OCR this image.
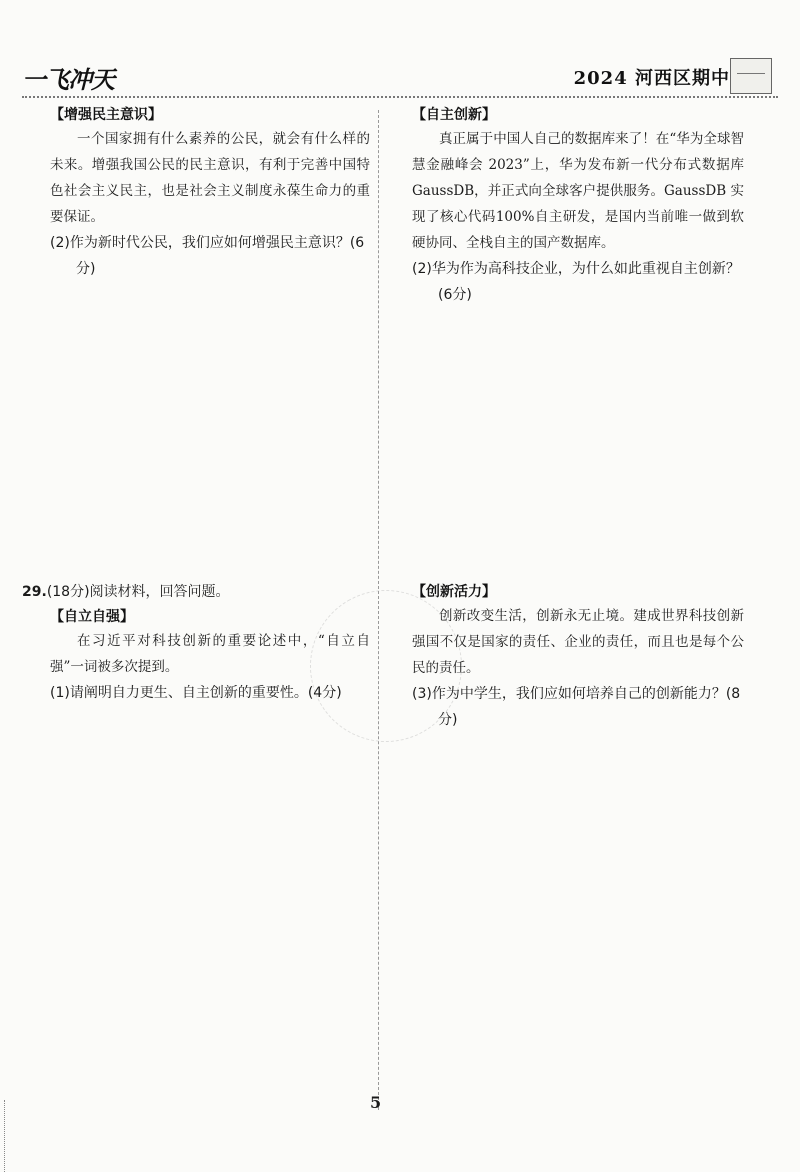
一飞冲天	2024 河西区期中
【增强民主意识】

一个国家拥有什么素养的公民，就会有什么样的未来。增强我国公民的民主意识，有利于完善中国特色社会主义民主，也是社会主义制度永葆生命力的重要保证。

(2)作为新时代公民，我们应如何增强民主意识？(6分)

【自主创新】

真正属于中国人自己的数据库来了！在“华为全球智慧金融峰会 2023”上，华为发布新一代分布式数据库 GaussDB，并正式向全球客户提供服务。GaussDB 实现了核心代码100%自主研发，是国内当前唯一做到软硬协同、全栈自主的国产数据库。

(2)华为作为高科技企业，为什么如此重视自主创新？(6分)

29.(18分)阅读材料，回答问题。
【自立自强】

在习近平对科技创新的重要论述中，“自立自强”一词被多次提到。

(1)请阐明自力更生、自主创新的重要性。(4分)

【创新活力】

创新改变生活，创新永无止境。建成世界科技创新强国不仅是国家的责任、企业的责任，而且也是每个公民的责任。

(3)作为中学生，我们应如何培养自己的创新能力？(8分)

5
